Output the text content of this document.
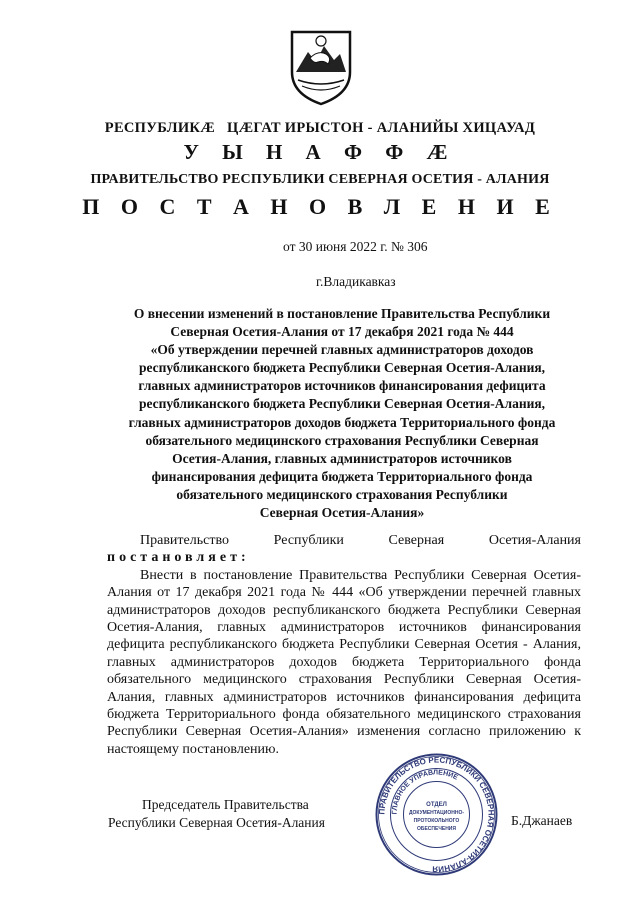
РЕСПУБЛИКÆ ЦÆГАТ ИРЫСТОН - АЛАНИЙЫ ХИЦАУАД
У Ы Н А Ф Ф Æ
ПРАВИТЕЛЬСТВО РЕСПУБЛИКИ СЕВЕРНАЯ ОСЕТИЯ - АЛАНИЯ
П О С Т А Н О В Л Е Н И Е
от 30 июня 2022 г. № 306
г.Владикавказ
О внесении изменений в постановление Правительства Республики
Северная Осетия-Алания от 17 декабря 2021 года № 444
«Об утверждении перечней главных администраторов доходов
республиканского бюджета Республики Северная Осетия-Алания,
главных администраторов источников финансирования дефицита
республиканского бюджета Республики Северная Осетия-Алания,
главных администраторов доходов бюджета Территориального фонда
обязательного медицинского страхования Республики Северная
Осетия-Алания, главных администраторов источников
финансирования дефицита бюджета Территориального фонда
обязательного медицинского страхования Республики
Северная Осетия-Алания»

Правительство Республики Северная Осетия-Алания постановляет:

Внести в постановление Правительства Республики Северная Осетия-Алания от 17 декабря 2021 года № 444 «Об утверждении перечней главных администраторов доходов республиканского бюджета Республики Северная Осетия-Алания, главных администраторов источников финансирования дефицита республиканского бюджета Республики Северная Осетия - Алания, главных администраторов доходов бюджета Территориального фонда обязательного медицинского страхования Республики Северная Осетия-Алания, главных администраторов источников финансирования дефицита бюджета Территориального фонда обязательного медицинского страхования Республики Северная Осетия-Алания» изменения согласно приложению к настоящему постановлению.

Председатель Правительства
Республики Северная Осетия-Алания
ПРАВИТЕЛЬСТВО РЕСПУБЛИКИ СЕВЕРНАЯ ОСЕТИЯ-АЛАНИЯ
ГЛАВНОЕ УПРАВЛЕНИЕ
ОТДЕЛ
ДОКУМЕНТАЦИОННО-
ПРОТОКОЛЬНОГО
ОБЕСПЕЧЕНИЯ
Б.Джанаев
